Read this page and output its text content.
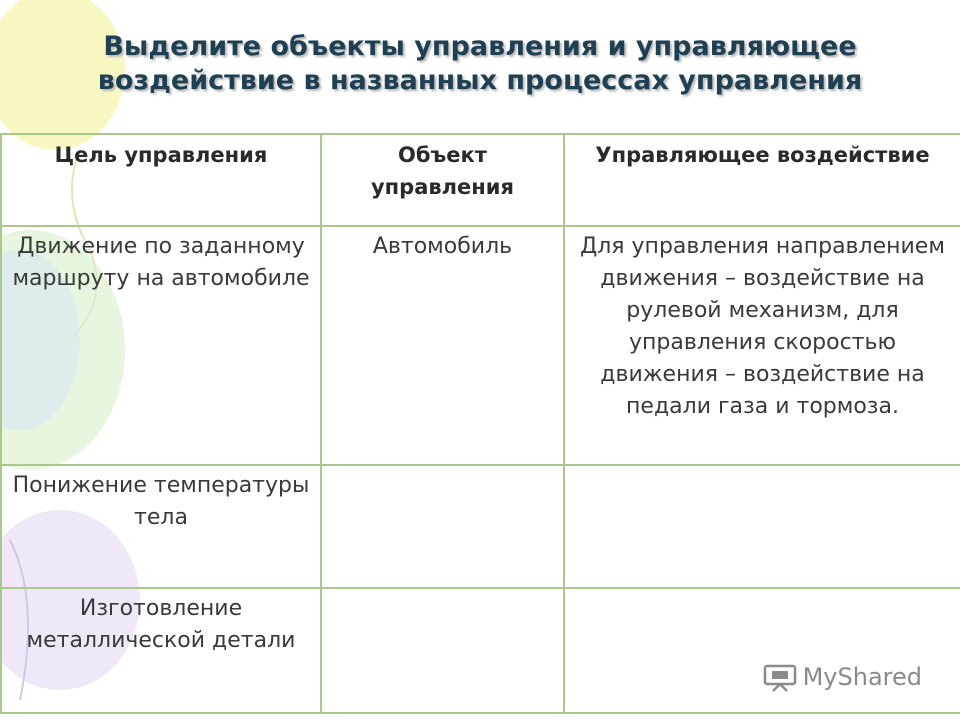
Выделите объекты управления и управляющее
воздействие в названных процессах управления
Цель управления	Объект управления	Управляющее воздействие
Движение по заданному маршруту на автомобиле	Автомобиль	Для управления направлением движения – воздействие на рулевой механизм, для управления скоростью движения – воздействие на педали газа и тормоза.
Понижение температуры тела		
Изготовление металлической детали		
MyShared
